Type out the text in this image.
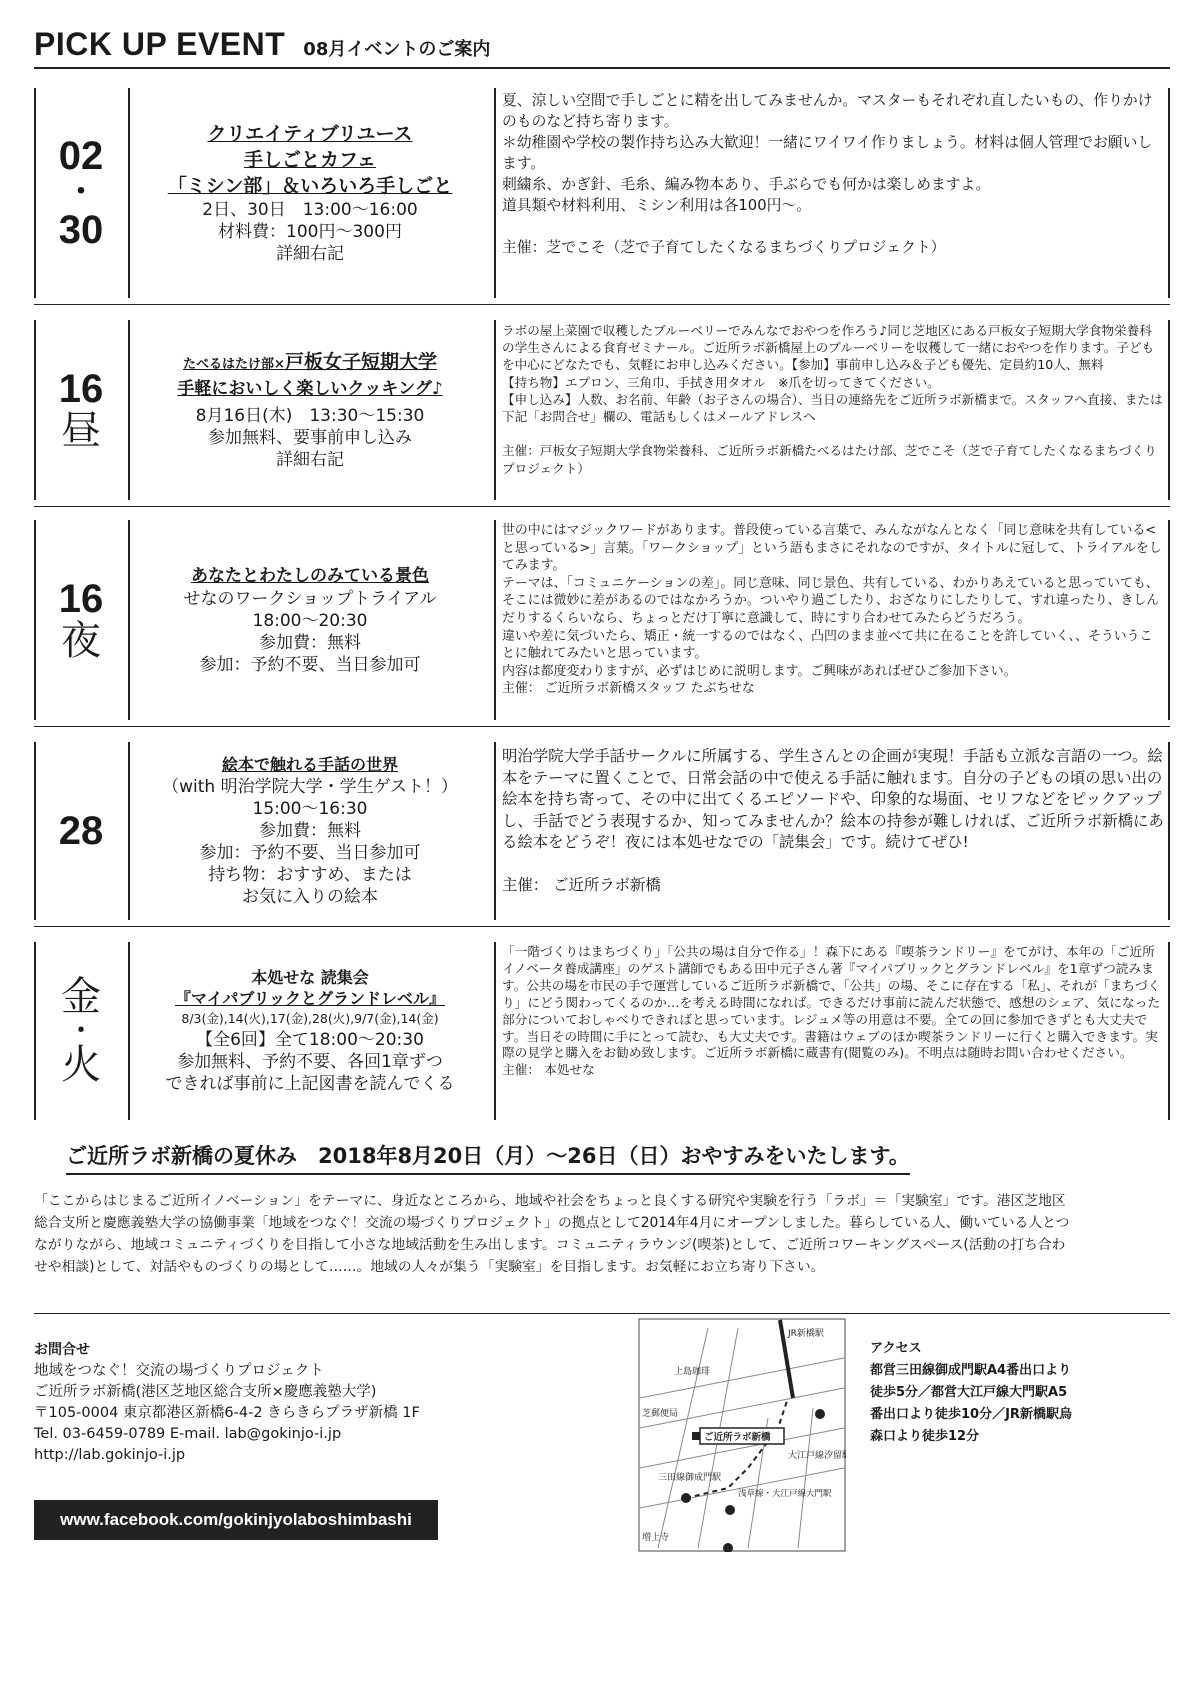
PICK UP EVENT 08月イベントのご案内
02
・
30
クリエイティブリユース
手しごとカフェ
「ミシン部」＆いろいろ手しごと
2日、30日　13:00～16:00
材料費：100円～300円
詳細右記

夏、涼しい空間で手しごとに精を出してみませんか。マスターもそれぞれ直したいもの、作りかけのものなど持ち寄ります。
＊幼稚園や学校の製作持ち込み大歓迎！一緒にワイワイ作りましょう。材料は個人管理でお願いします。
刺繍糸、かぎ針、毛糸、編み物本あり、手ぶらでも何かは楽しめますよ。
道具類や材料利用、ミシン利用は各100円～。

主催：芝でこそ（芝で子育てしたくなるまちづくりプロジェクト）

16
昼
たべるはたけ部×戸板女子短期大学
手軽においしく楽しいクッキング♪
8月16日(木)　13:30～15:30
参加無料、要事前申し込み
詳細右記

ラボの屋上菜園で収穫したブルーベリーでみんなでおやつを作ろう♪同じ芝地区にある戸板女子短期大学食物栄養科の学生さんによる食育ゼミナール。ご近所ラボ新橋屋上のブルーベリーを収穫して一緒におやつを作ります。子どもを中心にどなたでも、気軽にお申し込みください。【参加】事前申し込み＆子ども優先、定員約10人、無料
【持ち物】エプロン、三角巾、手拭き用タオル　※爪を切ってきてください。
【申し込み】人数、お名前、年齢（お子さんの場合）、当日の連絡先をご近所ラボ新橋まで。スタッフへ直接、または下記「お問合せ」欄の、電話もしくはメールアドレスへ

主催：戸板女子短期大学食物栄養科、ご近所ラボ新橋たべるはたけ部、芝でこそ（芝で子育てしたくなるまちづくりプロジェクト）

16
夜
あなたとわたしのみている景色
せなのワークショップトライアル
18:00～20:30
参加費：無料
参加：予約不要、当日参加可

世の中にはマジックワードがあります。普段使っている言葉で、みんながなんとなく「同じ意味を共有している<と思っている>」言葉。「ワークショップ」という語もまさにそれなのですが、タイトルに冠して、トライアルをしてみます。
テーマは、「コミュニケーションの差」。同じ意味、同じ景色、共有している、わかりあえていると思っていても、そこには微妙に差があるのではなかろうか。ついやり過ごしたり、おざなりにしたりして、すれ違ったり、きしんだりするくらいなら、ちょっとだけ丁寧に意識して、時にすり合わせてみたらどうだろう。
違いや差に気づいたら、矯正・統一するのではなく、凸凹のまま並べて共に在ることを許していく、、そういうことに触れてみたいと思っています。
内容は都度変わりますが、必ずはじめに説明します。ご興味があればぜひご参加下さい。
主催： ご近所ラボ新橋スタッフ たぶちせな

28
絵本で触れる手話の世界
（with 明治学院大学・学生ゲスト！）
15:00～16:30
参加費：無料
参加：予約不要、当日参加可
持ち物：おすすめ、または
お気に入りの絵本

明治学院大学手話サークルに所属する、学生さんとの企画が実現！手話も立派な言語の一つ。絵本をテーマに置くことで、日常会話の中で使える手話に触れます。自分の子どもの頃の思い出の絵本を持ち寄って、その中に出てくるエピソードや、印象的な場面、セリフなどをピックアップし、手話でどう表現するか、知ってみませんか？絵本の持参が難しければ、ご近所ラボ新橋にある絵本をどうぞ！夜には本処せなでの「読集会」です。続けてぜひ!

主催： ご近所ラボ新橋

金
・
火
本処せな 読集会
『マイパブリックとグランドレベル』
8/3(金),14(火),17(金),28(火),9/7(金),14(金)
【全6回】全て18:00～20:30
参加無料、予約不要、各回1章ずつ
できれば事前に上記図書を読んでくる

「一階づくりはまちづくり」「公共の場は自分で作る」！森下にある『喫茶ランドリー』をてがけ、本年の「ご近所イノベータ養成講座」のゲスト講師でもある田中元子さん著『マイパブリックとグランドレベル』を1章ずつ読みます。公共の場を市民の手で運営しているご近所ラボ新橋で、「公共」の場、そこに存在する「私」、それが「まちづくり」にどう関わってくるのか…を考える時間になれば。できるだけ事前に読んだ状態で、感想のシェア、気になった部分についておしゃべりできればと思っています。レジュメ等の用意は不要。全ての回に参加できずとも大丈夫です。当日その時間に手にとって読む、も大丈夫です。書籍はウェブのほか喫茶ランドリーに行くと購入できます。実際の見学と購入をお勧め致します。ご近所ラボ新橋に蔵書有(閲覧のみ)。不明点は随時お問い合わせください。
主催： 本処せな

ご近所ラボ新橋の夏休み　2018年8月20日（月）～26日（日）おやすみをいたします。

「ここからはじまるご近所イノベーション」をテーマに、身近なところから、地域や社会をちょっと良くする研究や実験を行う「ラボ」＝「実験室」です。港区芝地区総合支所と慶應義塾大学の協働事業「地域をつなぐ！交流の場づくりプロジェクト」の拠点として2014年4月にオープンしました。暮らしている人、働いている人とつながりながら、地域コミュニティづくりを目指して小さな地域活動を生み出します。コミュニティラウンジ(喫茶)として、ご近所コワーキングスペース(活動の打ち合わせや相談)として、対話やものづくりの場として……。地域の人々が集う「実験室」を目指します。お気軽にお立ち寄り下さい。

お問合せ
地域をつなぐ！交流の場づくりプロジェクト
ご近所ラボ新橋(港区芝地区総合支所×慶應義塾大学)
〒105-0004 東京都港区新橋6-4-2 きらきらプラザ新橋 1F
Tel. 03-6459-0789 E-mail. lab@gokinjo-i.jp
http://lab.gokinjo-i.jp
www.facebook.com/gokinjyolaboshimbashi
JR新橋駅
上島珈琲
芝郵便局
ご近所ラボ新橋
大江戸線汐留駅
三田線御成門駅
浅草線・大江戸線大門駅
増上寺
アクセス
都営三田線御成門駅A4番出口より徒歩5分／都営大江戸線大門駅A5番出口より徒歩10分／JR新橋駅烏森口より徒歩12分
